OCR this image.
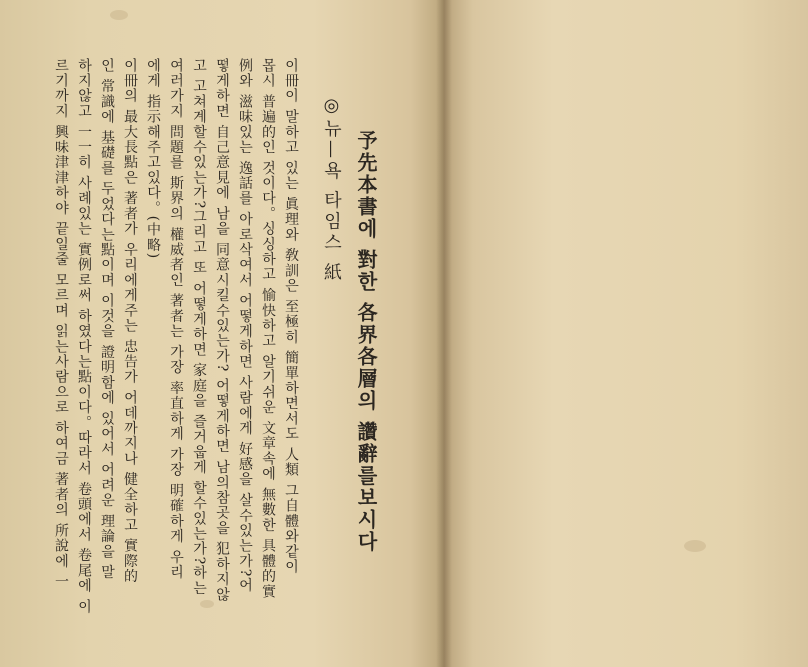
予先本書에 對한 各界各層의 讚辭를보시다
◎뉴—욕 타임스 紙
이冊이 말하고 있는 眞理와 敎訓은 至極히 簡單하면서도 人類 그自體와같이
몹시 普遍的인 것이다。싱싱하고 愉快하고 알기쉬운 文章속에 無數한 具體的實
例와 滋味있는 逸話를 아로삭여서 어떻게하면 사람에게 好感을 살수있는가?어
떻게하면 自己意見에 남을 同意시킬수있는가? 어떻게하면 남의참곳을 犯하지않
고 고쳐계할수있는가?그리고 또 어떻게하면 家庭을 즐거웁게 할수있는가?하는
여러가지 問題를 斯界의 權威者인 著者는 가장 率直하게 가장 明確하게 우리
에게 指示해주고있다。(中略)
이冊의 最大長點은 著者가 우리에게주는 忠告가 어데까지나 健全하고 實際的
인 常識에 基礎를 두었다는點이며 이것을 證明함에 있어서 어려운 理論을 말
하지않고 一一히 사례있는 實例로써 하였다는點이다。따라서 卷頭에서 卷尾에 이
르기까지 興味津津하야 끝일줄 모르며 읽는사람으로 하여금 著者의 所說에 一
